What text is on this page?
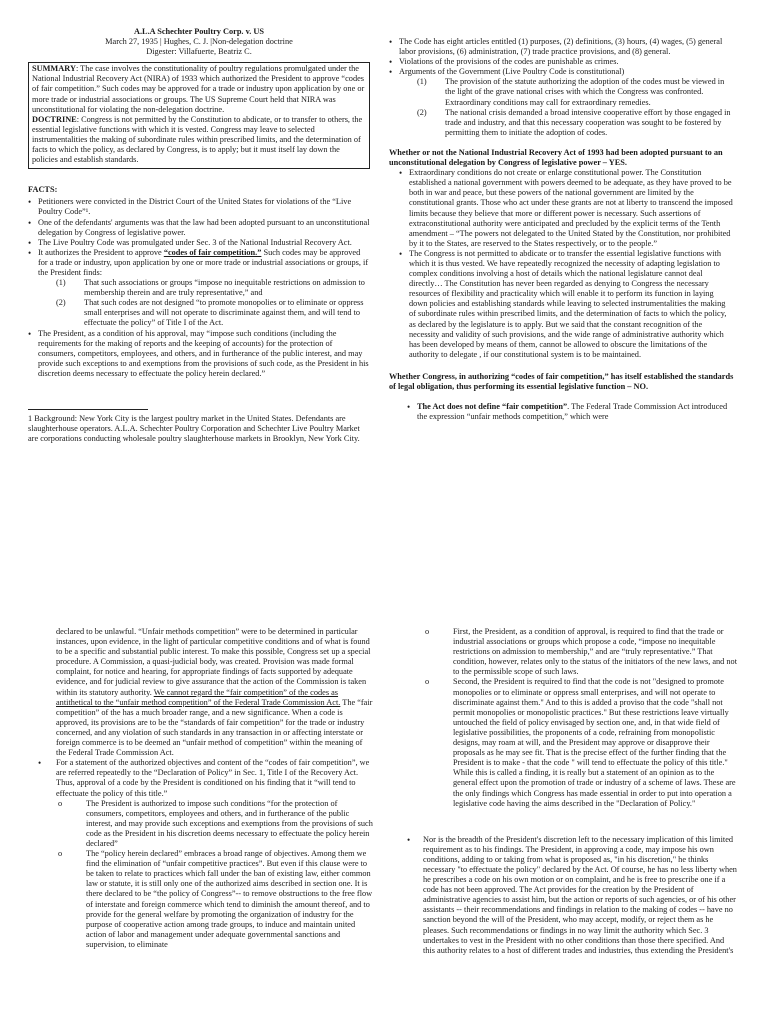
A.L.A Schechter Poultry Corp. v. US
March 27, 1935 | Hughes, C. J. |Non-delegation doctrine
Digester: Villafuerte, Beatriz C.
SUMMARY: The case involves the constitutionality of poultry regulations promulgated under the National Industrial Recovery Act (NIRA) of 1933 which authorized the President to approve “codes of fair competition.” Such codes may be approved for a trade or industry upon application by one or more trade or industrial associations or groups. The US Supreme Court held that NIRA was unconstitutional for violating the non-delegation doctrine.
DOCTRINE: Congress is not permitted by the Constitution to abdicate, or to transfer to others, the essential legislative functions with which it is vested. Congress may leave to selected instrumentalities the making of subordinate rules within prescribed limits, and the determination of facts to which the policy, as declared by Congress, is to apply; but it must itself lay down the policies and establish standards.
FACTS:
• Petitioners were convicted in the District Court of the United States for violations of the “Live Poultry Code”¹.
• One of the defendants' arguments was that the law had been adopted pursuant to an unconstitutional delegation by Congress of legislative power.
• The Live Poultry Code was promulgated under Sec. 3 of the National Industrial Recovery Act.
• It authorizes the President to approve “codes of fair competition.” Such codes may be approved for a trade or industry, upon application by one or more trade or industrial associations or groups, if the President finds:
(1) That such associations or groups “impose no inequitable restrictions on admission to membership therein and are truly representative,” and
(2) That such codes are not designed “to promote monopolies or to eliminate or oppress small enterprises and will not operate to discriminate against them, and will tend to effectuate the policy” of Title I of the Act.
• The President, as a condition of his approval, may “impose such conditions (including the requirements for the making of reports and the keeping of accounts) for the protection of consumers, competitors, employees, and others, and in furtherance of the public interest, and may provide such exceptions to and exemptions from the provisions of such code, as the President in his discretion deems necessary to effectuate the policy herein declared.”
1 Background: New York City is the largest poultry market in the United States. Defendants are slaughterhouse operators. A.L.A. Schechter Poultry Corporation and Schechter Live Poultry Market are corporations conducting wholesale poultry slaughterhouse markets in Brooklyn, New York City.
• The Code has eight articles entitled (1) purposes, (2) definitions, (3) hours, (4) wages, (5) general labor provisions, (6) administration, (7) trade practice provisions, and (8) general.
• Violations of the provisions of the codes are punishable as crimes.
• Arguments of the Government (Live Poultry Code is constitutional)
(1) The provision of the statute authorizing the adoption of the codes must be viewed in the light of the grave national crises with which the Congress was confronted. Extraordinary conditions may call for extraordinary remedies.
(2) The national crisis demanded a broad intensive cooperative effort by those engaged in trade and industry, and that this necessary cooperation was sought to be fostered by permitting them to initiate the adoption of codes.
Whether or not the National Industrial Recovery Act of 1993 had been adopted pursuant to an unconstitutional delegation by Congress of legislative power – YES.
• Extraordinary conditions do not create or enlarge constitutional power. The Constitution established a national government with powers deemed to be adequate, as they have proved to be both in war and peace, but these powers of the national government are limited by the constitutional grants. Those who act under these grants are not at liberty to transcend the imposed limits because they believe that more or different power is necessary. Such assertions of extraconstitutional authority were anticipated and precluded by the explicit terms of the Tenth amendment – “The powers not delegated to the United Stated by the Constitution, nor prohibited by it to the States, are reserved to the States respectively, or to the people.”
• The Congress is not permitted to abdicate or to transfer the essential legislative functions with which it is thus vested. We have repeatedly recognized the necessity of adapting legislation to complex conditions involving a host of details which the national legislature cannot deal directly… The Constitution has never been regarded as denying to Congress the necessary resources of flexibility and practicality which will enable it to perform its function in laying down policies and establishing standards while leaving to selected instrumentalities the making of subordinate rules within prescribed limits, and the determination of facts to which the policy, as declared by the legislature is to apply. But we said that the constant recognition of the necessity and validity of such provisions, and the wide range of administrative authority which has been developed by means of them, cannot be allowed to obscure the limitations of the authority to delegate , if our constitutional system is to be maintained.
Whether Congress, in authorizing “codes of fair competition,” has itself established the standards of legal obligation, thus performing its essential legislative function – NO.
• The Act does not define “fair competition”. The Federal Trade Commission Act introduced the expression “unfair methods competition,” which were
declared to be unlawful. “Unfair methods competition” were to be determined in particular instances, upon evidence, in the light of particular competitive conditions and of what is found to be a specific and substantial public interest. To make this possible, Congress set up a special procedure. A Commission, a quasi-judicial body, was created. Provision was made formal complaint, for notice and hearing, for appropriate findings of facts supported by adequate evidence, and for judicial review to give assurance that the action of the Commission is taken within its statutory authority. We cannot regard the “fair competition” of the codes as antithetical to the “unfair method competition” of the Federal Trade Commission Act. The “fair competition” of the has a much broader range, and a new significance. When a code is approved, its provisions are to be the “standards of fair competition” for the trade or industry concerned, and any violation of such standards in any transaction in or affecting interstate or foreign commerce is to be deemed an “unfair method of competition” within the meaning of the Federal Trade Commission Act.
• For a statement of the authorized objectives and content of the “codes of fair competition”, we are referred repeatedly to the “Declaration of Policy” in Sec. 1, Title I of the Recovery Act. Thus, approval of a code by the President is conditioned on his finding that it “will tend to effectuate the policy of this title.”
o The President is authorized to impose such conditions “for the protection of consumers, competitors, employees and others, and in furtherance of the public interest, and may provide such exceptions and exemptions from the provisions of such code as the President in his discretion deems necessary to effectuate the policy herein declared”
o The “policy herein declared” embraces a broad range of objectives. Among them we find the elimination of “unfair competitive practices”. But even if this clause were to be taken to relate to practices which fall under the ban of existing law, either common law or statute, it is still only one of the authorized aims described in section one. It is there declared to be “the policy of Congress”-- to remove obstructions to the free flow of interstate and foreign commerce which tend to diminish the amount thereof, and to provide for the general welfare by promoting the organization of industry for the purpose of cooperative action among trade groups, to induce and maintain united action of labor and management under adequate governmental sanctions and supervision, to eliminate
o First, the President, as a condition of approval, is required to find that the trade or industrial associations or groups which propose a code, “impose no inequitable restrictions on admission to membership,” and are “truly representative.” That condition, however, relates only to the status of the initiators of the new laws, and not to the permissible scope of such laws.
o Second, the President is required to find that the code is not "designed to promote monopolies or to eliminate or oppress small enterprises, and will not operate to discriminate against them." And to this is added a proviso that the code "shall not permit monopolies or monopolistic practices." But these restrictions leave virtually untouched the field of policy envisaged by section one, and, in that wide field of legislative possibilities, the proponents of a code, refraining from monopolistic designs, may roam at will, and the President may approve or disapprove their proposals as he may see fit. That is the precise effect of the further finding that the President is to make - that the code " will tend to effectuate the policy of this title." While this is called a finding, it is really but a statement of an opinion as to the general effect upon the promotion of trade or industry of a scheme of laws. These are the only findings which Congress has made essential in order to put into operation a legislative code having the aims described in the "Declaration of Policy."
• Nor is the breadth of the President's discretion left to the necessary implication of this limited requirement as to his findings. The President, in approving a code, may impose his own conditions, adding to or taking from what is proposed as, "in his discretion," he thinks necessary "to effectuate the policy" declared by the Act. Of course, he has no less liberty when he prescribes a code on his own motion or on complaint, and he is free to prescribe one if a code has not been approved. The Act provides for the creation by the President of administrative agencies to assist him, but the action or reports of such agencies, or of his other assistants -- their recommendations and findings in relation to the making of codes -- have no sanction beyond the will of the President, who may accept, modify, or reject them as he pleases. Such recommendations or findings in no way limit the authority which Sec. 3 undertakes to vest in the President with no other conditions than those there specified. And this authority relates to a host of different trades and industries, thus extending the President's
